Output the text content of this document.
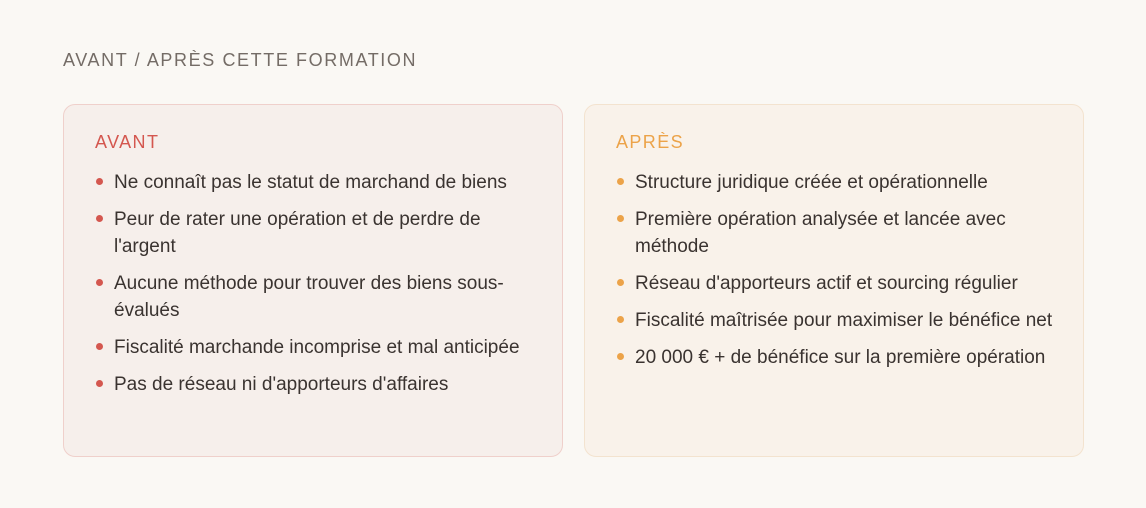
AVANT / APRÈS CETTE FORMATION
AVANT
Ne connaît pas le statut de marchand de biens
Peur de rater une opération et de perdre de l'argent
Aucune méthode pour trouver des biens sous-évalués
Fiscalité marchande incomprise et mal anticipée
Pas de réseau ni d'apporteurs d'affaires
APRÈS
Structure juridique créée et opérationnelle
Première opération analysée et lancée avec méthode
Réseau d'apporteurs actif et sourcing régulier
Fiscalité maîtrisée pour maximiser le bénéfice net
20 000 € + de bénéfice sur la première opération
